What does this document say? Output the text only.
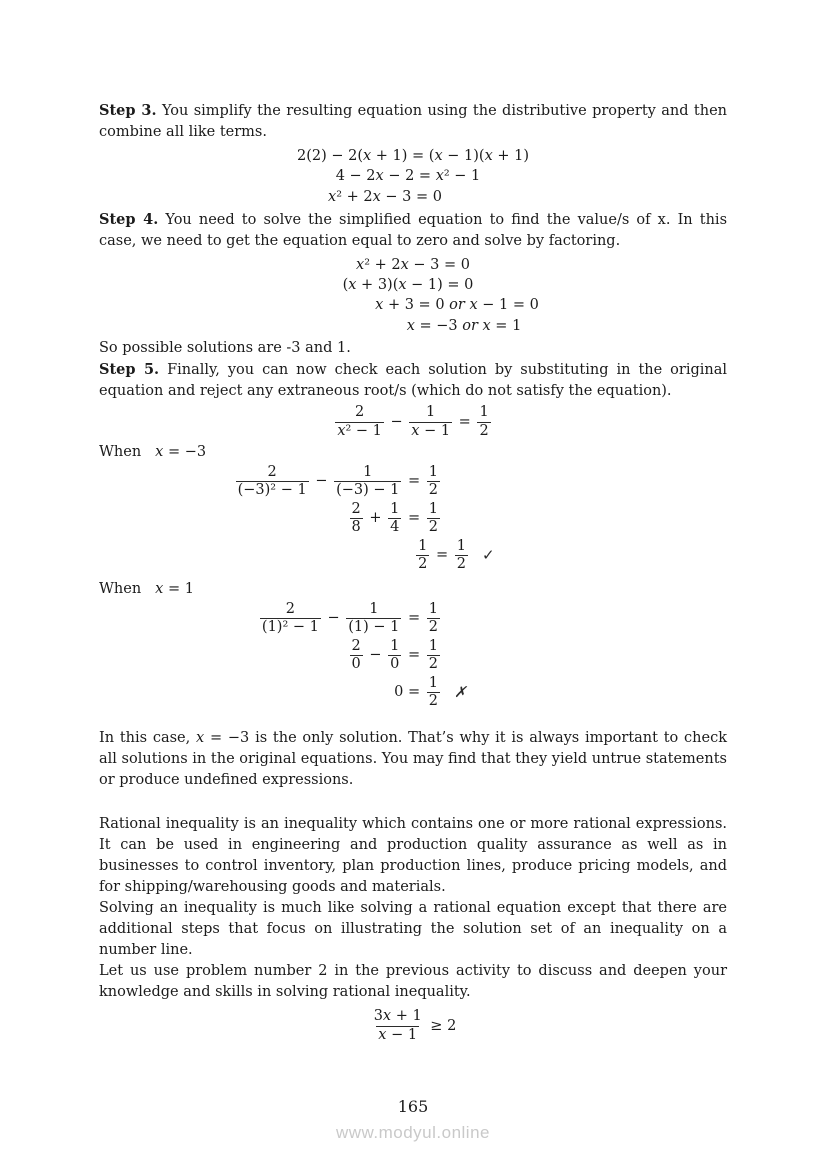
Step 3. You simplify the resulting equation using the distributive property and then combine all like terms.

2(2) − 2(x + 1) = (x − 1)(x + 1)
4 − 2x − 2 = x² − 1
x² + 2x − 3 = 0

Step 4. You need to solve the simplified equation to find the value/s of x. In this case, we need to get the equation equal to zero and solve by factoring.

x² + 2x − 3 = 0
(x + 3)(x − 1) = 0
x + 3 = 0 or x − 1 = 0
x = −3 or x = 1

So possible solutions are -3 and 1.

Step 5. Finally, you can now check each solution by substituting in the original equation and reject any extraneous root/s (which do not satisfy the equation).

$\frac{2}{\text{x² − 1}} - \frac{1}{x - 1} = \frac{1}{2}$

When x = −3

$\frac{2}{\text{(−3)² − 1}} - \frac{1}{(-3) - 1} = \frac{1}{2}$
$\frac{2}{8} + \frac{1}{4} = \frac{1}{2}$
$\frac{1}{2} = \frac{1}{2}$ ✓

When x = 1

$\frac{2}{\text{(1)² − 1}} - \frac{1}{(1) - 1} = \frac{1}{2}$
$\frac{2}{0} - \frac{1}{0} = \frac{1}{2}$
$0 = \frac{1}{2}$ ✗

In this case, x = −3 is the only solution. That’s why it is always important to check all solutions in the original equations. You may find that they yield untrue statements or produce undefined expressions.

Rational inequality is an inequality which contains one or more rational expressions. It can be used in engineering and production quality assurance as well as in businesses to control inventory, plan production lines, produce pricing models, and for shipping/warehousing goods and materials.

Solving an inequality is much like solving a rational equation except that there are additional steps that focus on illustrating the solution set of an inequality on a number line.

Let us use problem number 2 in the previous activity to discuss and deepen your knowledge and skills in solving rational inequality.

$\frac{3x + 1}{x - 1} \ge 2$
165
www.modyul.online
